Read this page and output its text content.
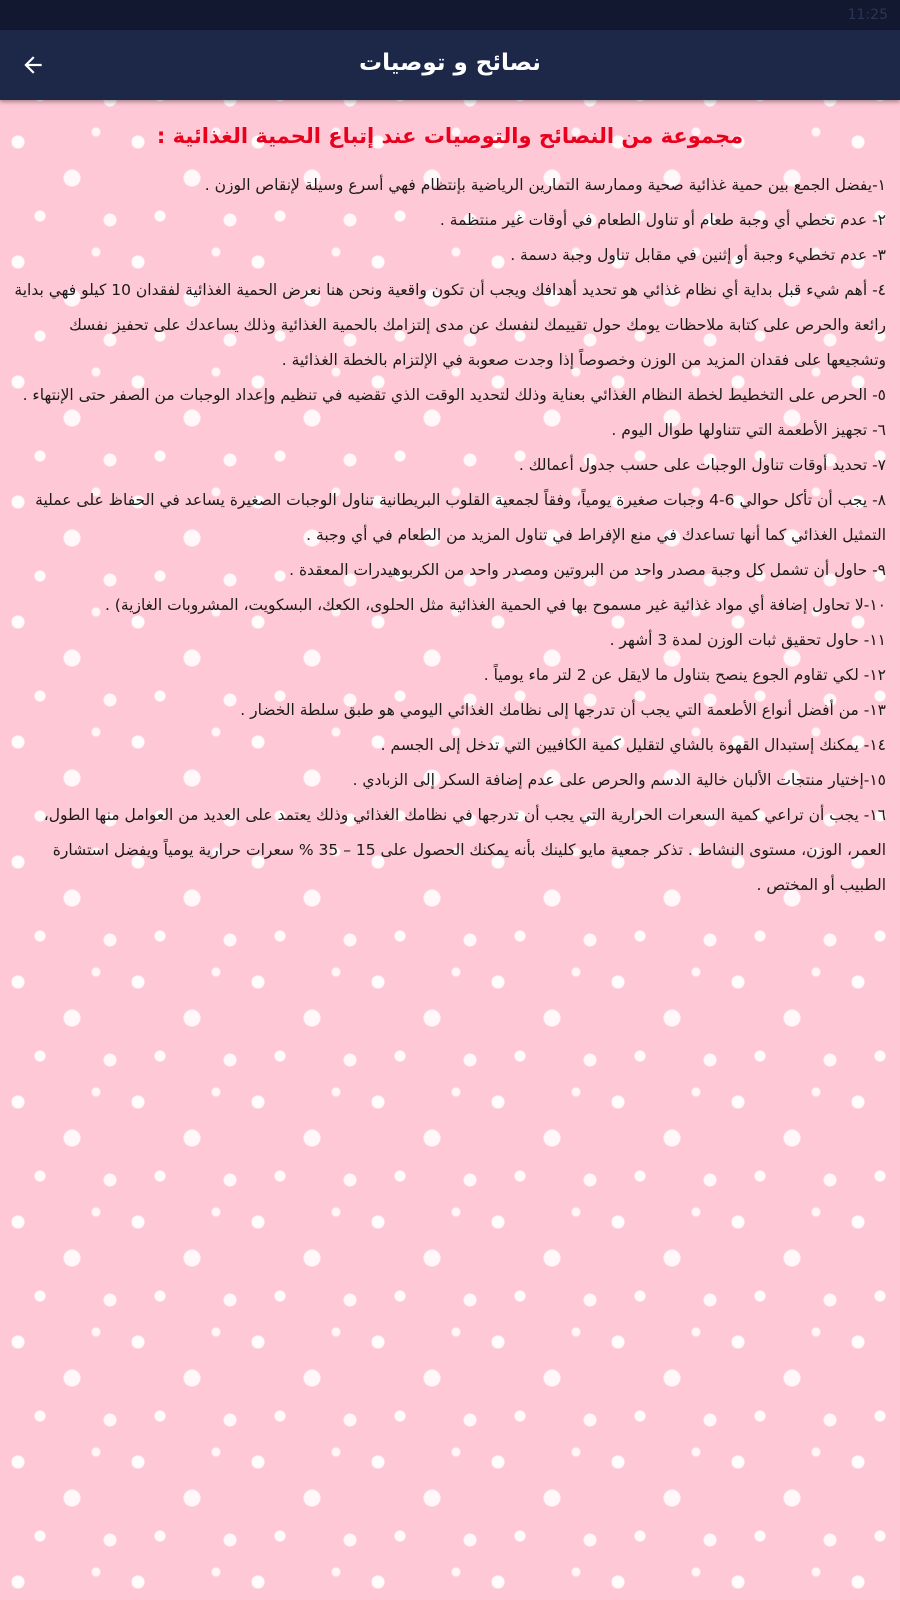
11:25
نصائح و توصيات
مجموعة من النصائح والتوصيات عند إتباع الحمية الغذائية :
١-يفضل الجمع بين حمية غذائية صحية وممارسة التمارين الرياضية بإنتظام فهي أسرع وسيلة لإنقاص الوزن .
٢- عدم تخطي أي وجبة طعام أو تناول الطعام في أوقات غير منتظمة .
٣- عدم تخطيء وجبة أو إثنين في مقابل تناول وجبة دسمة .
٤- أهم شيء قبل بداية أي نظام غذائي هو تحديد أهدافك ويجب أن تكون واقعية ونحن هنا نعرض الحمية الغذائية لفقدان 10 كيلو فهي بداية رائعة والحرص على كتابة ملاحظات يومك حول تقييمك لنفسك عن مدى إلتزامك بالحمية الغذائية وذلك يساعدك على تحفيز نفسك وتشجيعها على فقدان المزيد من الوزن وخصوصاً إذا وجدت صعوبة في الإلتزام بالخطة الغذائية .
٥- الحرص على التخطيط لخطة النظام الغذائي بعناية وذلك لتحديد الوقت الذي تقضيه في تنظيم وإعداد الوجبات من الصفر حتى الإنتهاء .
٦- تجهيز الأطعمة التي تتناولها طوال اليوم .
٧- تحديد أوقات تناول الوجبات على حسب جدول أعمالك .
٨- يجب أن تأكل حوالي 6-4 وجبات صغيرة يومياً، وفقاً لجمعية القلوب البريطانية تناول الوجبات الصغيرة يساعد في الحفاظ على عملية التمثيل الغذائي كما أنها تساعدك في منع الإفراط في تناول المزيد من الطعام في أي وجبة .
٩- حاول أن تشمل كل وجبة مصدر واحد من البروتين ومصدر واحد من الكربوهيدرات المعقدة .
١٠-لا تحاول إضافة أي مواد غذائية غير مسموح بها في الحمية الغذائية مثل الحلوى، الكعك، البسكويت، المشروبات الغازية) .
١١- حاول تحقيق ثبات الوزن لمدة 3 أشهر .
١٢- لكي تقاوم الجوع ينصح بتناول ما لايقل عن 2 لتر ماء يومياً .
١٣- من أفضل أنواع الأطعمة التي يجب أن تدرجها إلى نظامك الغذائي اليومي هو طبق سلطة الخضار .
١٤- يمكنك إستبدال القهوة بالشاي لتقليل كمية الكافيين التي تدخل إلى الجسم .
١٥-إختيار منتجات الألبان خالية الدسم والحرص على عدم إضافة السكر إلى الزبادي .
١٦- يجب أن تراعي كمية السعرات الحرارية التي يجب أن تدرجها في نظامك الغذائي وذلك يعتمد على العديد من العوامل منها الطول، العمر، الوزن، مستوى النشاط . تذكر جمعية مايو كلينك بأنه يمكنك الحصول على 15 – 35 % سعرات حرارية يومياً ويفضل استشارة الطبيب أو المختص .
